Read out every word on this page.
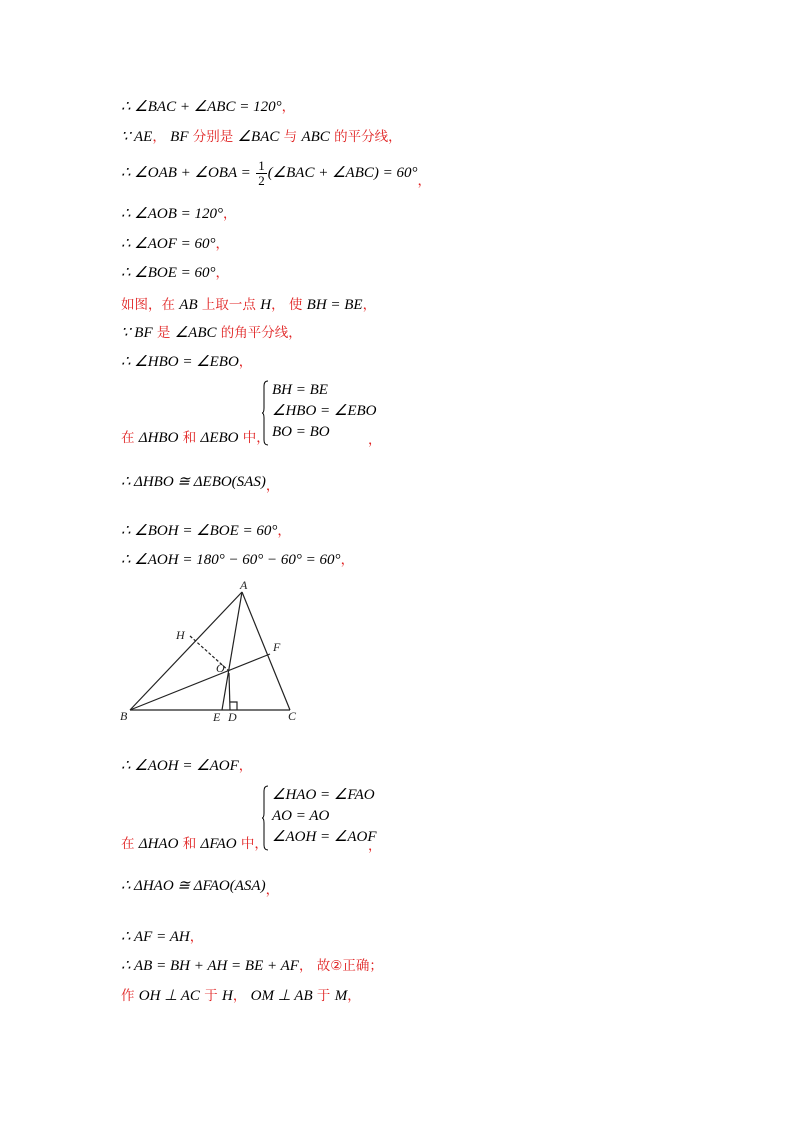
∴ ∠BAC + ∠ABC = 120°，
∵ AE， BF 分别是 ∠BAC 与 ABC 的平分线，
∴ ∠OAB + ∠OBA = $\frac{1}{2}$ (∠BAC + ∠ABC) = 60°，
∴ ∠AOB = 120°，
∴ ∠AOF = 60°，
∴ ∠BOE = 60°，
如图，在 AB 上取一点 H， 使 BH = BE，
∵ BF 是 ∠ABC 的角平分线，
∴ ∠HBO = ∠EBO，
BH = BE
∠HBO = ∠EBO
BO = BO
在 ΔHBO 和 ΔEBO 中，	，
∴ ΔHBO ≅ ΔEBO(SAS)，
∴ ∠BOH = ∠BOE = 60°，
∴ ∠AOH = 180° − 60° − 60° = 60°，
A
B	C
D
E
F
H
O
∴ ∠AOH = ∠AOF，
∠HAO = ∠FAO
AO = AO
∠AOH = ∠AOF
在 ΔHAO 和 ΔFAO 中，	，
∴ ΔHAO ≅ ΔFAO(ASA)，
∴ AF = AH，
∴ AB = BH + AH = BE + AF， 故②正确；
作 OH ⊥ AC 于 H， OM ⊥ AB 于 M，
